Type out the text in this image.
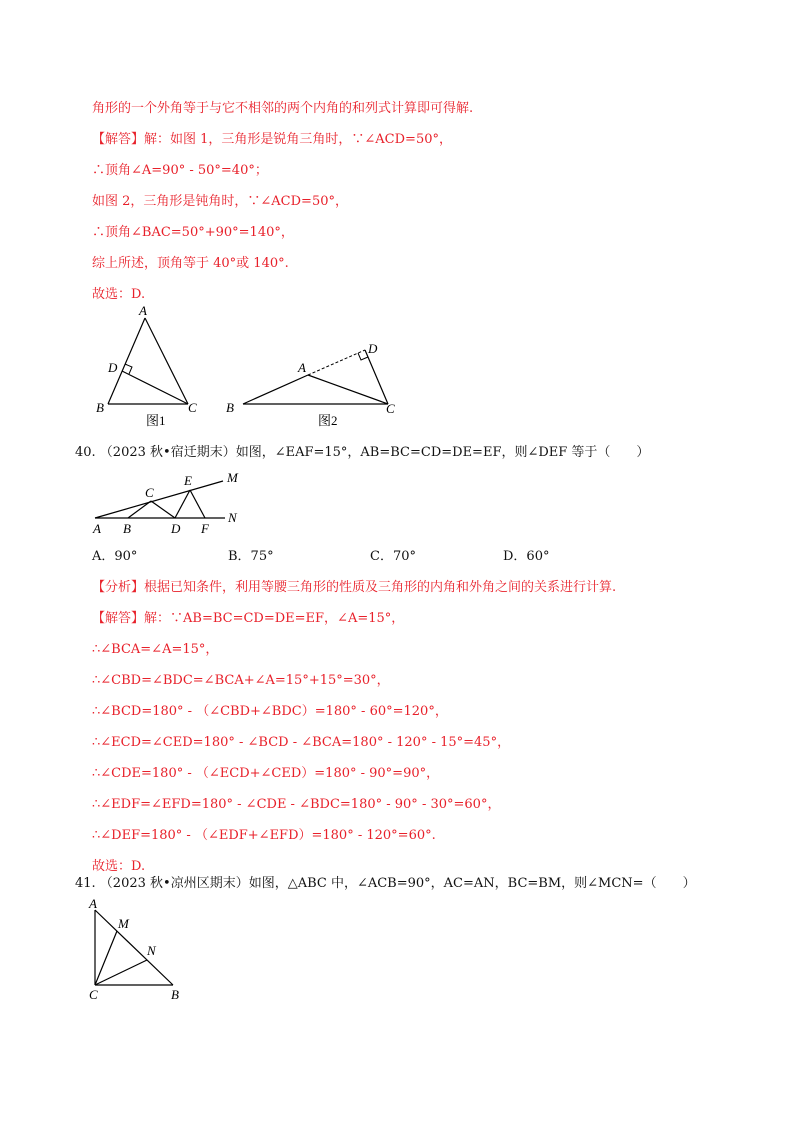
角形的一个外角等于与它不相邻的两个内角的和列式计算即可得解.
【解答】解：如图 1，三角形是锐角三角时，∵∠ACD=50°，
∴顶角∠A=90° - 50°=40°；
如图 2，三角形是钝角时，∵∠ACD=50°，
∴顶角∠BAC=50°+90°=140°，
综上所述，顶角等于 40°或 140°.
故选：D.
A
B	C
D
图1
A
B	C
D
图2
40. （2023 秋•宿迁期末）如图，∠EAF=15°，AB=BC=CD=DE=EF，则∠DEF 等于（　　）
A B
C
D
E
F
M
N
A．90°	B．75°	C．70°	D．60°
【分析】根据已知条件，利用等腰三角形的性质及三角形的内角和外角之间的关系进行计算.
【解答】解：∵AB=BC=CD=DE=EF，∠A=15°，
∴∠BCA=∠A=15°，
∴∠CBD=∠BDC=∠BCA+∠A=15°+15°=30°，
∴∠BCD=180° - （∠CBD+∠BDC）=180° - 60°=120°，
∴∠ECD=∠CED=180° - ∠BCD - ∠BCA=180° - 120° - 15°=45°，
∴∠CDE=180° - （∠ECD+∠CED）=180° - 90°=90°，
∴∠EDF=∠EFD=180° - ∠CDE - ∠BDC=180° - 90° - 30°=60°，
∴∠DEF=180° - （∠EDF+∠EFD）=180° - 120°=60°.
故选：D.
41. （2023 秋•凉州区期末）如图，△ABC 中，∠ACB=90°，AC=AN，BC=BM，则∠MCN=（　　）
A
M
N
C	B
